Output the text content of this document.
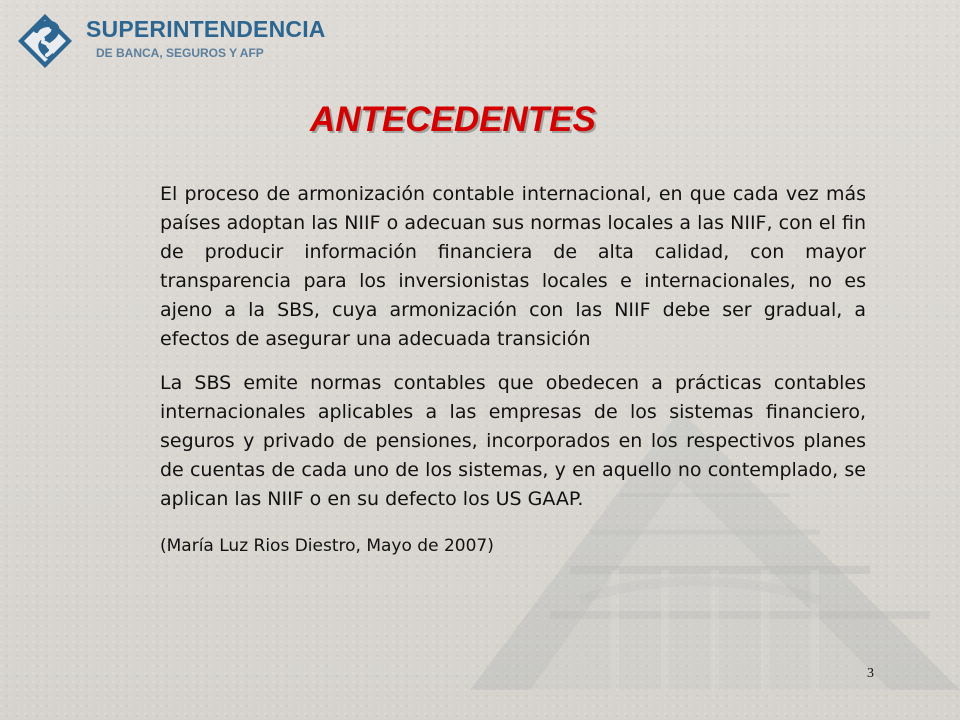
SUPERINTENDENCIA

DE BANCA, SEGUROS Y AFP

ANTECEDENTES

El proceso de armonización contable internacional, en que cada vez más países adoptan las NIIF o adecuan sus normas locales a las NIIF, con el fin de producir información financiera de alta calidad, con mayor transparencia para los inversionistas locales e internacionales, no es ajeno a la SBS, cuya armonización con las NIIF debe ser gradual, a efectos de asegurar una adecuada transición

La SBS emite normas contables que obedecen a prácticas contables internacionales aplicables a las empresas de los sistemas financiero, seguros y privado de pensiones, incorporados en los respectivos planes de cuentas de cada uno de los sistemas, y en aquello no contemplado, se aplican las NIIF o en su defecto los US GAAP.

(María Luz Rios Diestro, Mayo de 2007)

3
